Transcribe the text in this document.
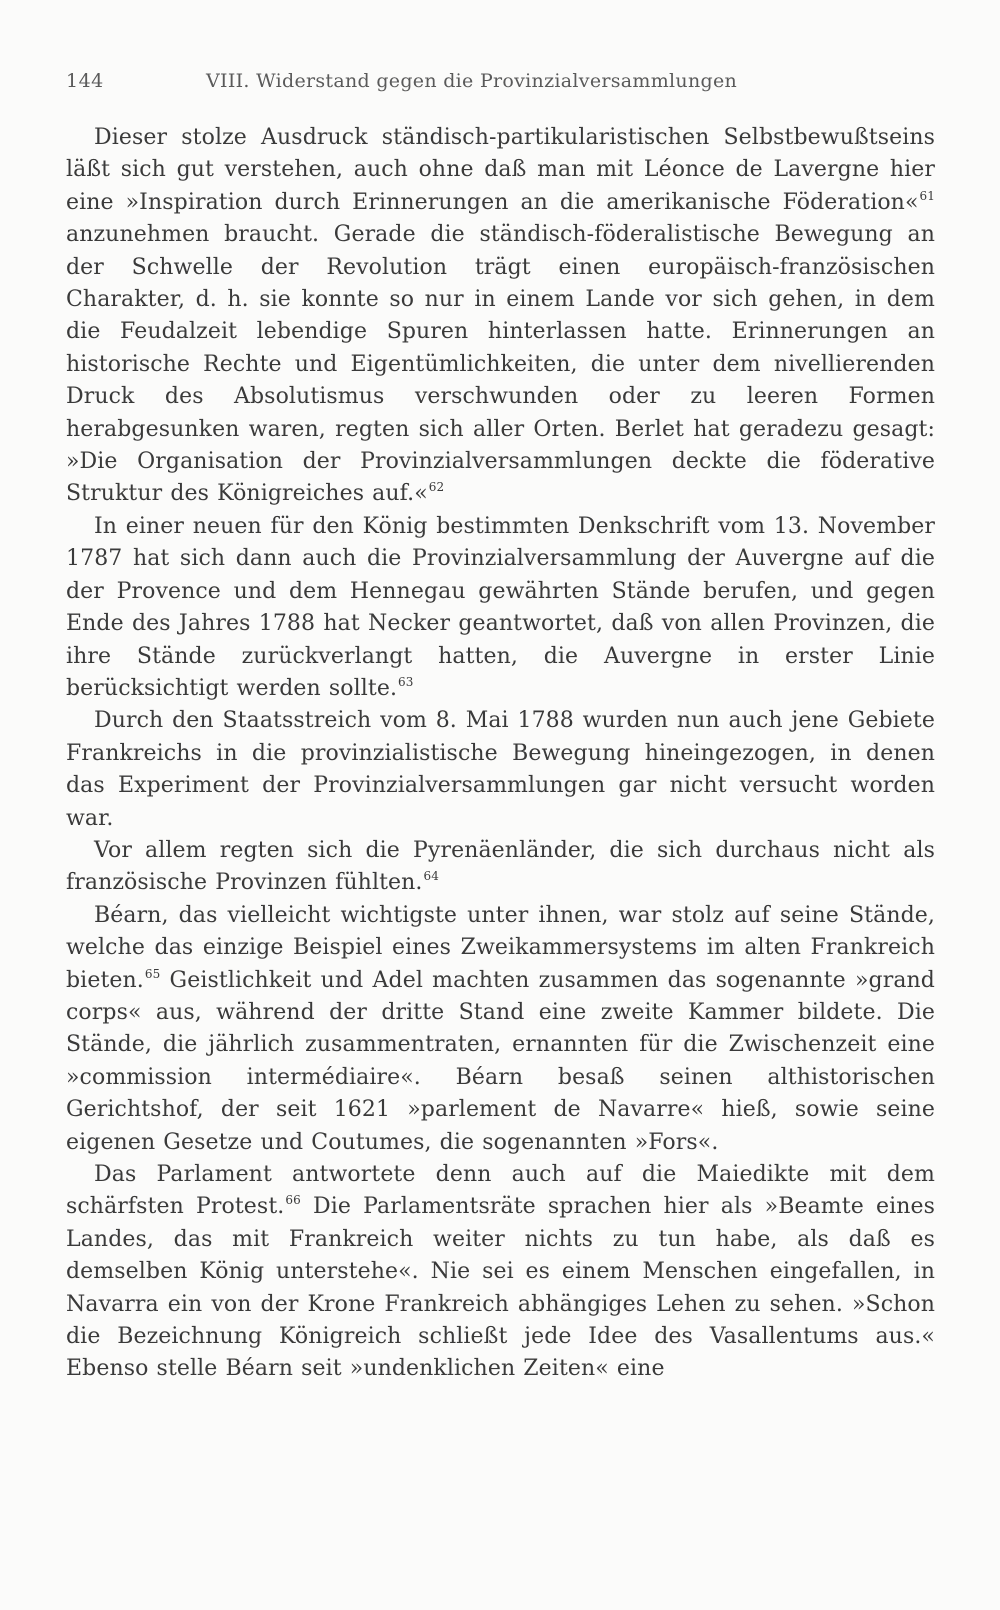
144	VIII. Widerstand gegen die Provinzialversammlungen

Dieser stolze Ausdruck ständisch-partikularistischen Selbstbewußtseins läßt sich gut verstehen, auch ohne daß man mit Léonce de Lavergne hier eine »Inspiration durch Erinnerungen an die amerikanische Föderation«$^{61}$ anzunehmen braucht. Gerade die ständisch-föderalistische Bewegung an der Schwelle der Revolution trägt einen europäisch-französischen Charakter, d. h. sie konnte so nur in einem Lande vor sich gehen, in dem die Feudalzeit lebendige Spuren hinterlassen hatte. Erinnerungen an historische Rechte und Eigentümlichkeiten, die unter dem nivellierenden Druck des Absolutismus verschwunden oder zu leeren Formen herabgesunken waren, regten sich aller Orten. Berlet hat geradezu gesagt: »Die Organisation der Provinzialversammlungen deckte die föderative Struktur des Königreiches auf.«$^{62}$

In einer neuen für den König bestimmten Denkschrift vom 13. November 1787 hat sich dann auch die Provinzialversammlung der Auvergne auf die der Provence und dem Hennegau gewährten Stände berufen, und gegen Ende des Jahres 1788 hat Necker geantwortet, daß von allen Provinzen, die ihre Stände zurückverlangt hatten, die Auvergne in erster Linie berücksichtigt werden sollte.$^{63}$

Durch den Staatsstreich vom 8. Mai 1788 wurden nun auch jene Gebiete Frankreichs in die provinzialistische Bewegung hineingezogen, in denen das Experiment der Provinzialversammlungen gar nicht versucht worden war.

Vor allem regten sich die Pyrenäenländer, die sich durchaus nicht als französische Provinzen fühlten.$^{64}$

Béarn, das vielleicht wichtigste unter ihnen, war stolz auf seine Stände, welche das einzige Beispiel eines Zweikammersystems im alten Frankreich bieten.$^{65}$ Geistlichkeit und Adel machten zusammen das sogenannte »grand corps« aus, während der dritte Stand eine zweite Kammer bildete. Die Stände, die jährlich zusammentraten, ernannten für die Zwischenzeit eine »commission intermédiaire«. Béarn besaß seinen althistorischen Gerichtshof, der seit 1621 »parlement de Navarre« hieß, sowie seine eigenen Gesetze und Coutumes, die sogenannten »Fors«.

Das Parlament antwortete denn auch auf die Maiedikte mit dem schärfsten Protest.$^{66}$ Die Parlamentsräte sprachen hier als »Beamte eines Landes, das mit Frankreich weiter nichts zu tun habe, als daß es demselben König unterstehe«. Nie sei es einem Menschen eingefallen, in Navarra ein von der Krone Frankreich abhängiges Lehen zu sehen. »Schon die Bezeichnung Königreich schließt jede Idee des Vasallentums aus.« Ebenso stelle Béarn seit »undenklichen Zeiten« eine
